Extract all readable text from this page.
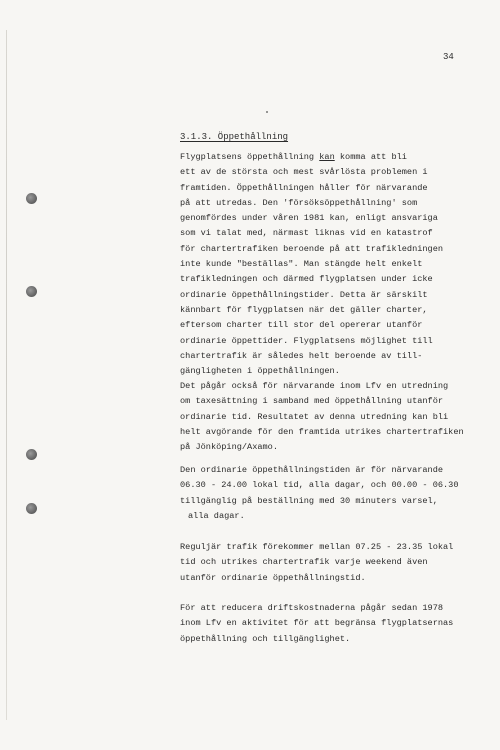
34
3.1.3. Öppethållning
Flygplatsens öppethållning kan komma att bli
ett av de största och mest svårlösta problemen i
framtiden. Öppethållningen håller för närvarande
på att utredas. Den 'försöksöppethållning' som
genomfördes under våren 1981 kan, enligt ansvariga
som vi talat med, närmast liknas vid en katastrof
för chartertrafiken beroende på att trafikledningen
inte kunde "beställas". Man stängde helt enkelt
trafikledningen och därmed flygplatsen under icke
ordinarie öppethållningstider. Detta är särskilt
kännbart för flygplatsen när det gäller charter,
eftersom charter till stor del opererar utanför
ordinarie öppettider. Flygplatsens möjlighet till
chartertrafik är således helt beroende av till-
gängligheten i öppethållningen.
Det pågår också för närvarande inom Lfv en utredning
om taxesättning i samband med öppethållning utanför
ordinarie tid. Resultatet av denna utredning kan bli
helt avgörande för den framtida utrikes chartertrafiken
på Jönköping/Axamo.
Den ordinarie öppethållningstiden är för närvarande
06.30 - 24.00 lokal tid, alla dagar, och 00.00 - 06.30
tillgänglig på beställning med 30 minuters varsel,
alla dagar.
Reguljär trafik förekommer mellan 07.25 - 23.35 lokal
tid och utrikes chartertrafik varje weekend även
utanför ordinarie öppethållningstid.
För att reducera driftskostnaderna pågår sedan 1978
inom Lfv en aktivitet för att begränsa flygplatsernas
öppethållning och tillgänglighet.
